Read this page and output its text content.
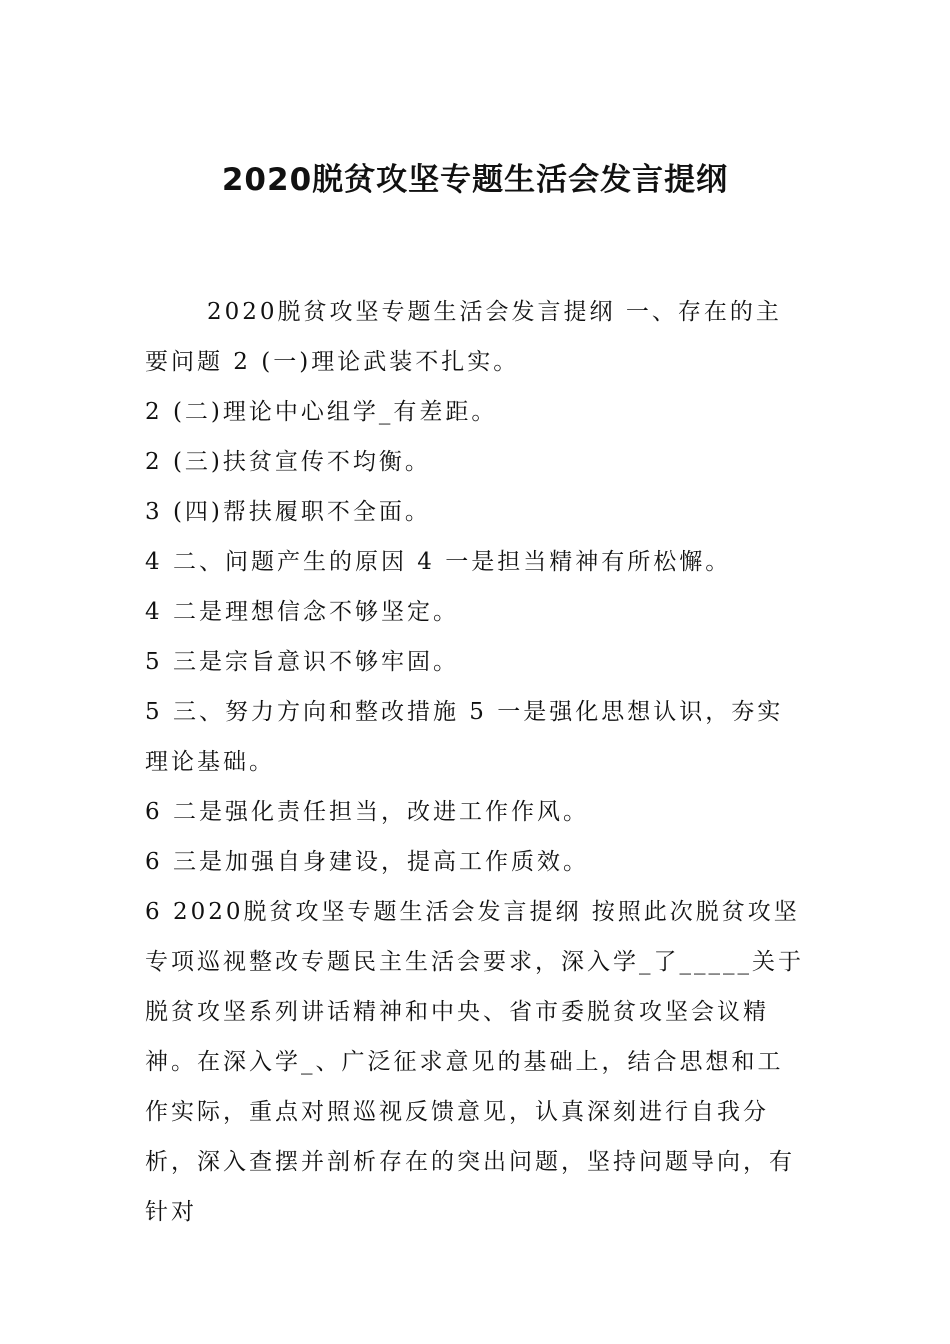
2020脱贫攻坚专题生活会发言提纲

2020脱贫攻坚专题生活会发言提纲 一、存在的主要问题 2 (一)理论武装不扎实。

2 (二)理论中心组学_有差距。

2 (三)扶贫宣传不均衡。

3 (四)帮扶履职不全面。

4 二、问题产生的原因 4 一是担当精神有所松懈。

4 二是理想信念不够坚定。

5 三是宗旨意识不够牢固。

5 三、努力方向和整改措施 5 一是强化思想认识，夯实理论基础。

6 二是强化责任担当，改进工作作风。

6 三是加强自身建设，提高工作质效。

6 2020脱贫攻坚专题生活会发言提纲 按照此次脱贫攻坚专项巡视整改专题民主生活会要求，深入学_了_____关于脱贫攻坚系列讲话精神和中央、省市委脱贫攻坚会议精神。在深入学_、广泛征求意见的基础上，结合思想和工作实际，重点对照巡视反馈意见，认真深刻进行自我分析，深入查摆并剖析存在的突出问题，坚持问题导向，有针对
